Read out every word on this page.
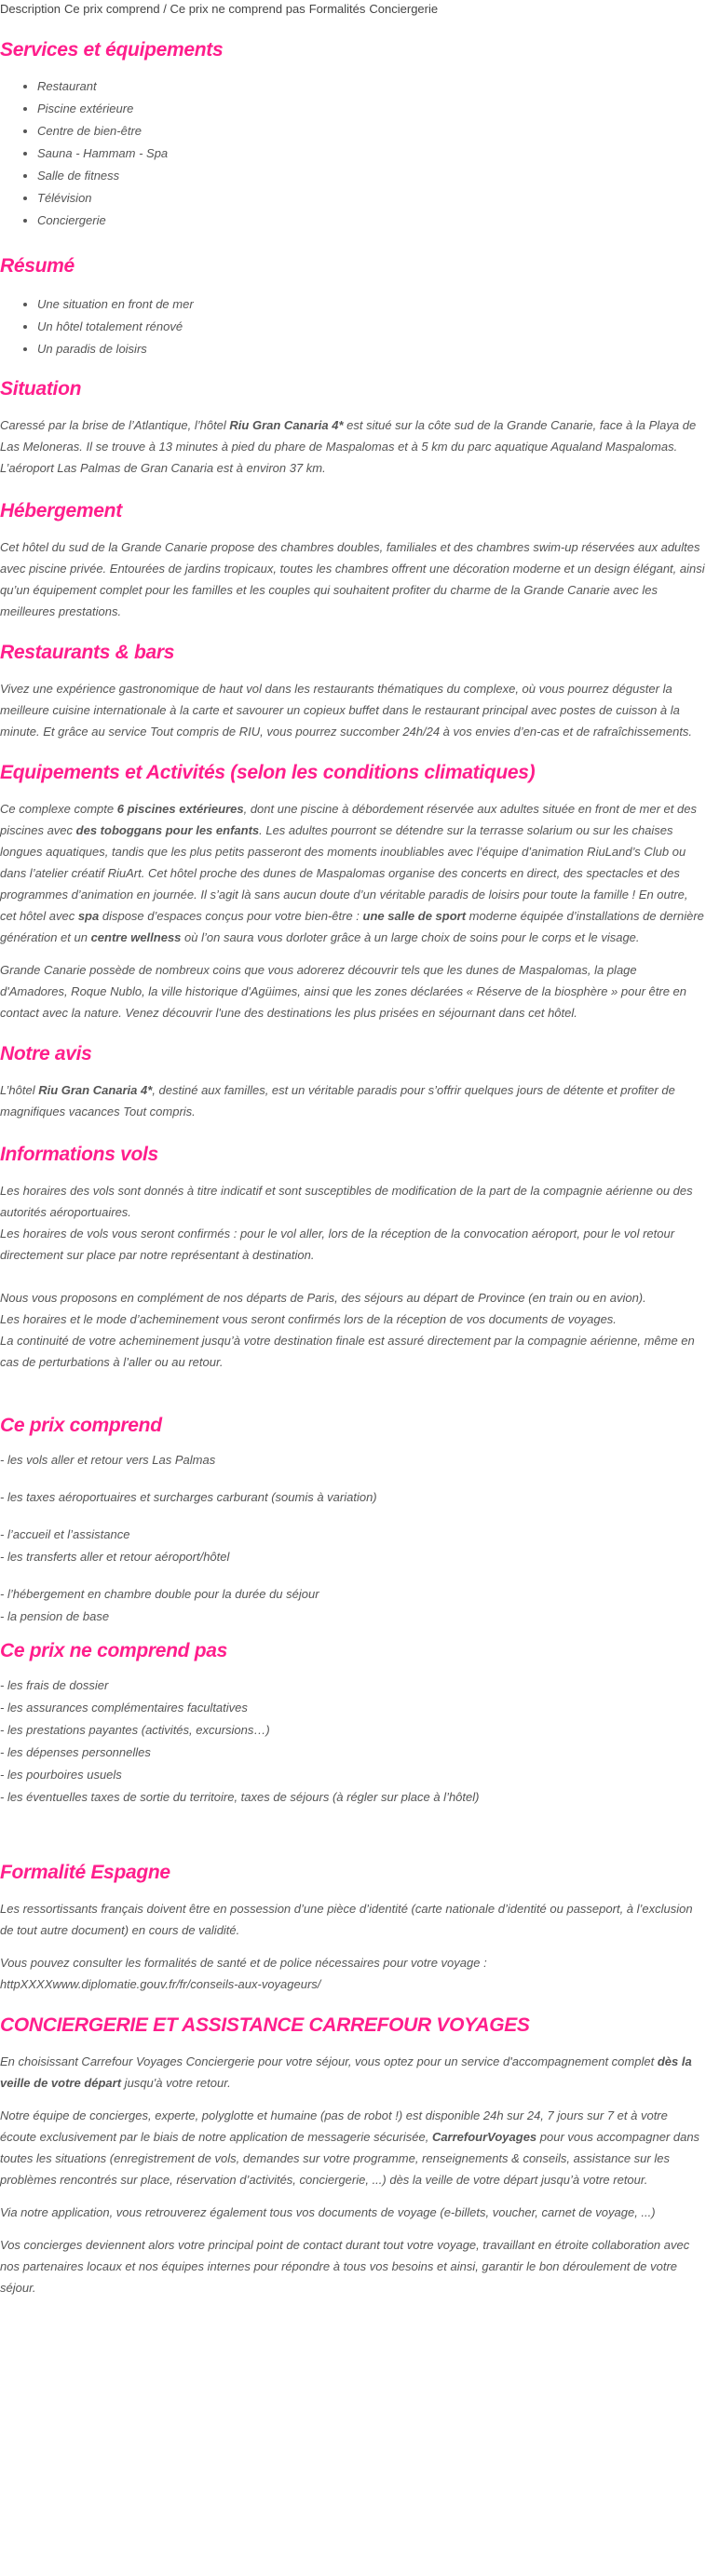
Description Ce prix comprend / Ce prix ne comprend pas Formalités Conciergerie
Services et équipements
• Restaurant
• Piscine extérieure
• Centre de bien-être
• Sauna - Hammam - Spa
• Salle de fitness
• Télévision
• Conciergerie
Résumé
• Une situation en front de mer
• Un hôtel totalement rénové
• Un paradis de loisirs
Situation

Caressé par la brise de l’Atlantique, l’hôtel Riu Gran Canaria 4* est situé sur la côte sud de la Grande Canarie, face à la Playa de Las Meloneras. Il se trouve à 13 minutes à pied du phare de Maspalomas et à 5 km du parc aquatique Aqualand Maspalomas. L’aéroport Las Palmas de Gran Canaria est à environ 37 km.

Hébergement

Cet hôtel du sud de la Grande Canarie propose des chambres doubles, familiales et des chambres swim-up réservées aux adultes avec piscine privée. Entourées de jardins tropicaux, toutes les chambres offrent une décoration moderne et un design élégant, ainsi qu’un équipement complet pour les familles et les couples qui souhaitent profiter du charme de la Grande Canarie avec les meilleures prestations.

Restaurants & bars

Vivez une expérience gastronomique de haut vol dans les restaurants thématiques du complexe, où vous pourrez déguster la meilleure cuisine internationale à la carte et savourer un copieux buffet dans le restaurant principal avec postes de cuisson à la minute. Et grâce au service Tout compris de RIU, vous pourrez succomber 24h/24 à vos envies d’en-cas et de rafraîchissements.

Equipements et Activités (selon les conditions climatiques)

Ce complexe compte 6 piscines extérieures, dont une piscine à débordement réservée aux adultes située en front de mer et des piscines avec des toboggans pour les enfants. Les adultes pourront se détendre sur la terrasse solarium ou sur les chaises longues aquatiques, tandis que les plus petits passeront des moments inoubliables avec l’équipe d’animation RiuLand’s Club ou dans l’atelier créatif RiuArt. Cet hôtel proche des dunes de Maspalomas organise des concerts en direct, des spectacles et des programmes d’animation en journée. Il s’agit là sans aucun doute d’un véritable paradis de loisirs pour toute la famille ! En outre, cet hôtel avec spa dispose d’espaces conçus pour votre bien-être : une salle de sport moderne équipée d’installations de dernière génération et un centre wellness où l’on saura vous dorloter grâce à un large choix de soins pour le corps et le visage.

Grande Canarie possède de nombreux coins que vous adorerez découvrir tels que les dunes de Maspalomas, la plage d'Amadores, Roque Nublo, la ville historique d'Agüimes, ainsi que les zones déclarées « Réserve de la biosphère » pour être en contact avec la nature. Venez découvrir l'une des destinations les plus prisées en séjournant dans cet hôtel.

Notre avis

L’hôtel Riu Gran Canaria 4*, destiné aux familles, est un véritable paradis pour s’offrir quelques jours de détente et profiter de magnifiques vacances Tout compris.

Informations vols

Les horaires des vols sont donnés à titre indicatif et sont susceptibles de modification de la part de la compagnie aérienne ou des autorités aéroportuaires.
Les horaires de vols vous seront confirmés : pour le vol aller, lors de la réception de la convocation aéroport, pour le vol retour directement sur place par notre représentant à destination.

Nous vous proposons en complément de nos départs de Paris, des séjours au départ de Province (en train ou en avion).
Les horaires et le mode d’acheminement vous seront confirmés lors de la réception de vos documents de voyages.
La continuité de votre acheminement jusqu’à votre destination finale est assuré directement par la compagnie aérienne, même en cas de perturbations à l’aller ou au retour.

Ce prix comprend
- les vols aller et retour vers Las Palmas
- les taxes aéroportuaires et surcharges carburant (soumis à variation)
- l’accueil et l’assistance
- les transferts aller et retour aéroport/hôtel
- l’hébergement en chambre double pour la durée du séjour
- la pension de base
Ce prix ne comprend pas
- les frais de dossier
- les assurances complémentaires facultatives
- les prestations payantes (activités, excursions…)
- les dépenses personnelles
- les pourboires usuels
- les éventuelles taxes de sortie du territoire, taxes de séjours (à régler sur place à l’hôtel)
Formalité Espagne

Les ressortissants français doivent être en possession d’une pièce d’identité (carte nationale d’identité ou passeport, à l’exclusion de tout autre document) en cours de validité.

Vous pouvez consulter les formalités de santé et de police nécessaires pour votre voyage :
httpXXXXwww.diplomatie.gouv.fr/fr/conseils-aux-voyageurs/

CONCIERGERIE ET ASSISTANCE CARREFOUR VOYAGES

En choisissant Carrefour Voyages Conciergerie pour votre séjour, vous optez pour un service d'accompagnement complet dès la veille de votre départ jusqu'à votre retour.

Notre équipe de concierges, experte, polyglotte et humaine (pas de robot !) est disponible 24h sur 24, 7 jours sur 7 et à votre écoute exclusivement par le biais de notre application de messagerie sécurisée, CarrefourVoyages pour vous accompagner dans toutes les situations (enregistrement de vols, demandes sur votre programme, renseignements & conseils, assistance sur les problèmes rencontrés sur place, réservation d’activités, conciergerie, ...) dès la veille de votre départ jusqu’à votre retour.

Via notre application, vous retrouverez également tous vos documents de voyage (e-billets, voucher, carnet de voyage, ...)

Vos concierges deviennent alors votre principal point de contact durant tout votre voyage, travaillant en étroite collaboration avec nos partenaires locaux et nos équipes internes pour répondre à tous vos besoins et ainsi, garantir le bon déroulement de votre séjour.
